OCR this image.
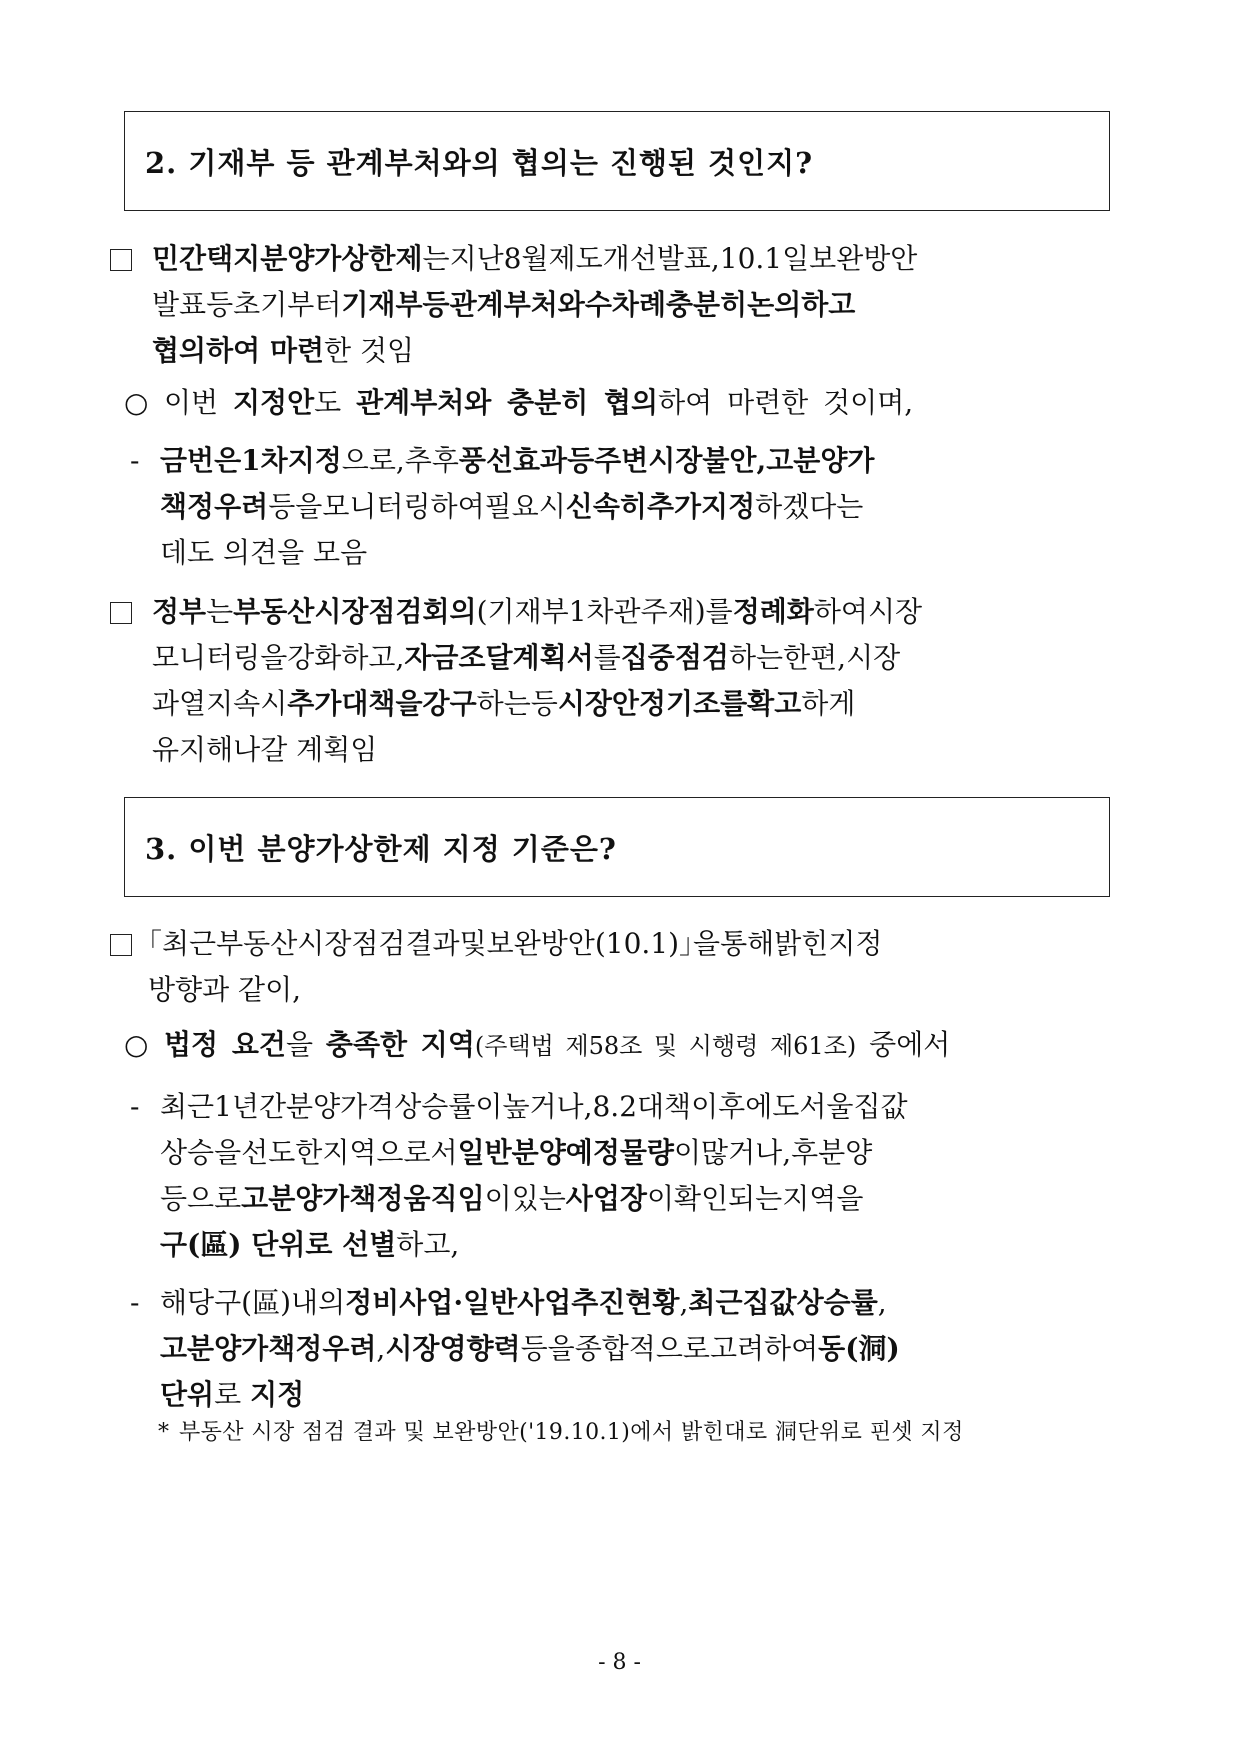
2. 기재부 등 관계부처와의 협의는 진행된 것인지?
민간택지분양가상한제는지난8월제도개선발표,10.1일보완방안
발표등초기부터기재부등관계부처와수차례충분히논의하고
협의하여 마련한 것임
○ 이번 지정안도 관계부처와 충분히 협의하여 마련한 것이며,
- 금번은1차지정으로,추후풍선효과등주변시장불안,고분양가
책정우려등을모니터링하여필요시신속히추가지정하겠다는
데도 의견을 모음
정부는부동산시장점검회의(기재부1차관주재)를정례화하여시장
모니터링을강화하고,자금조달계획서를집중점검하는한편,시장
과열지속시추가대책을강구하는등시장안정기조를확고하게
유지해나갈 계획임
3. 이번 분양가상한제 지정 기준은?
｢최근부동산시장점검결과및보완방안(10.1)｣을통해밝힌지정
방향과 같이,
○ 법정 요건을 충족한 지역(주택법 제58조 및 시행령 제61조) 중에서
- 최근1년간분양가격상승률이높거나,8.2대책이후에도서울집값
상승을선도한지역으로서일반분양예정물량이많거나,후분양
등으로고분양가책정움직임이있는사업장이확인되는지역을
구(區) 단위로 선별하고,
- 해당구(區)내의정비사업·일반사업추진현황,최근집값상승률,
고분양가책정우려,시장영향력등을종합적으로고려하여동(洞)
단위로 지정
* 부동산 시장 점검 결과 및 보완방안('19.10.1)에서 밝힌대로 洞단위로 핀셋 지정
- 8 -
